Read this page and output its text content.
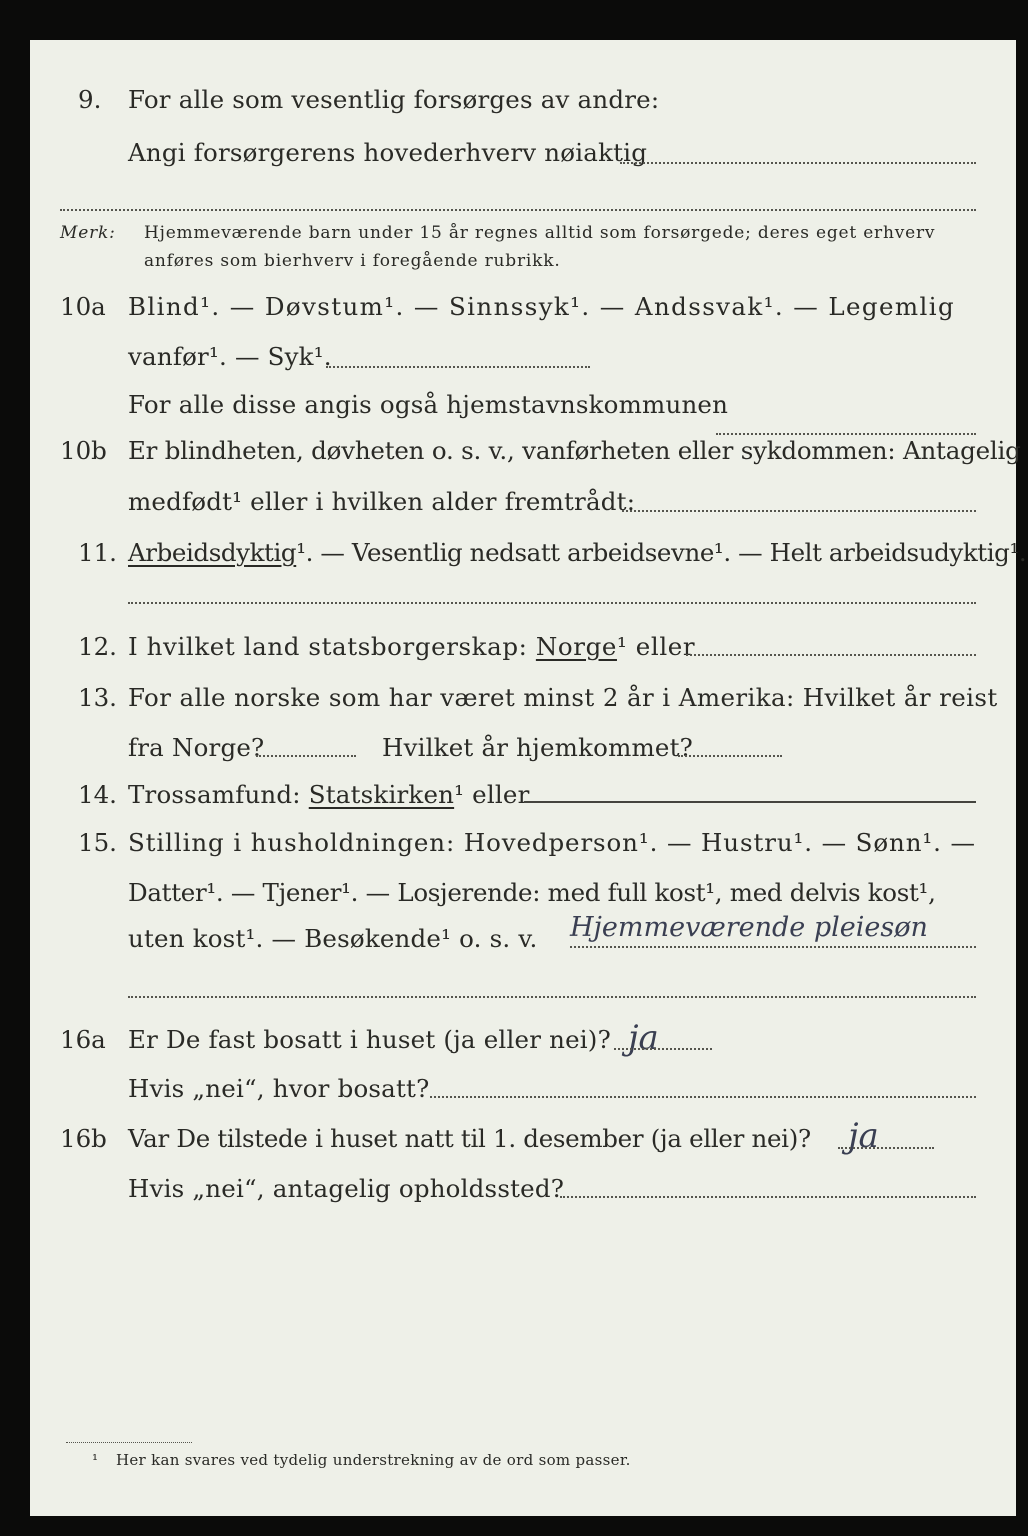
9. For alle som vesentlig forsørges av andre:
Angi forsørgerens hovederhverv nøiaktig
Merk: Hjemmeværende barn under 15 år regnes alltid som forsørgede; deres eget erhverv
anføres som bierhverv i foregående rubrikk.
10a Blind¹. — Døvstum¹. — Sinnssyk¹. — Andssvak¹. — Legemlig
vanfør¹. — Syk¹.
For alle disse angis også hjemstavnskommunen
10b Er blindheten, døvheten o. s. v., vanførheten eller sykdommen: Antagelig
medfødt¹ eller i hvilken alder fremtrådt:
11. Arbeidsdyktig¹. — Vesentlig nedsatt arbeidsevne¹. — Helt arbeidsudyktig¹.
12. I hvilket land statsborgerskap: Norge¹ eller
13. For alle norske som har været minst 2 år i Amerika: Hvilket år reist
fra Norge?	Hvilket år hjemkommet?
14. Trossamfund: Statskirken¹ eller
15. Stilling i husholdningen: Hovedperson¹. — Hustru¹. — Sønn¹. —
Datter¹. — Tjener¹. — Losjerende: med full kost¹, med delvis kost¹,
uten kost¹. — Besøkende¹ o. s. v. Hjemmeværende pleiesøn
16a Er De fast bosatt i huset (ja eller nei)? ja
Hvis „nei“, hvor bosatt?
16b Var De tilstede i huset natt til 1. desember (ja eller nei)? ja
Hvis „nei“, antagelig opholdssted?
¹ Her kan svares ved tydelig understrekning av de ord som passer.
